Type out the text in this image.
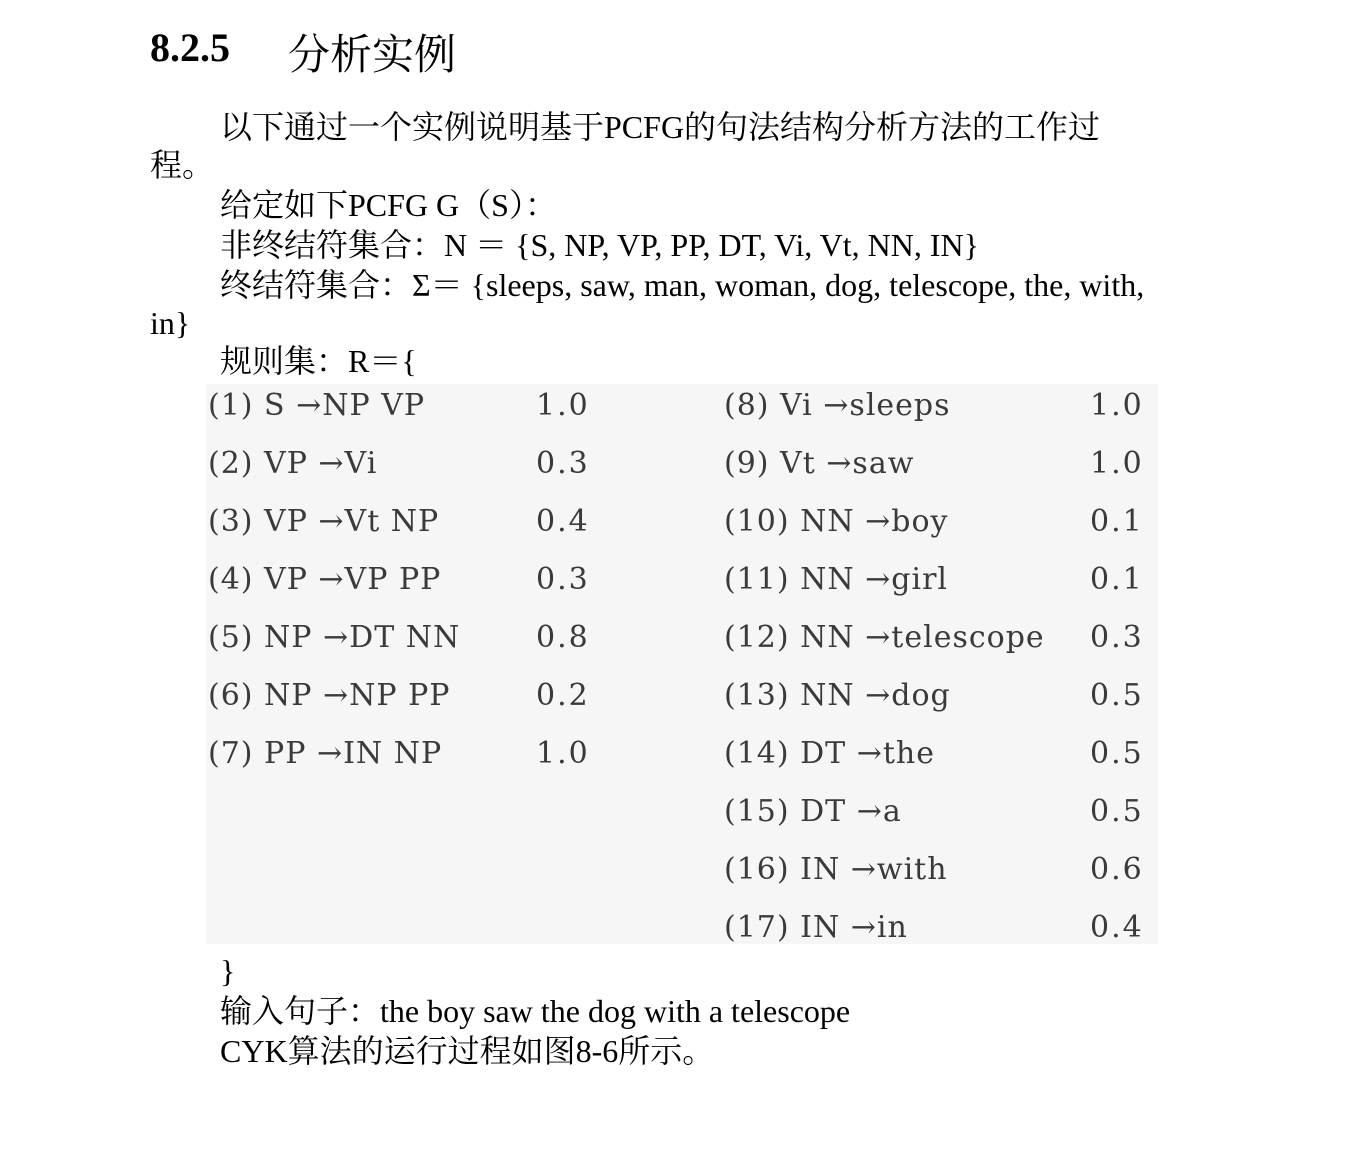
8.2.5 分析实例
以下通过一个实例说明基于PCFG的句法结构分析方法的工作过
程。
给定如下PCFG G（S）：
非终结符集合：N ＝ {S, NP, VP, PP, DT, Vi, Vt, NN, IN}
终结符集合：Σ＝ {sleeps, saw, man, woman, dog, telescope, the, with,
in}
规则集：R＝{
(1) S →NP VP	1.0
(2) VP →Vi	0.3
(3) VP →Vt NP	0.4
(4) VP →VP PP	0.3
(5) NP →DT NN	0.8
(6) NP →NP PP	0.2
(7) PP →IN NP	1.0
(8) Vi →sleeps	1.0
(9) Vt →saw	1.0
(10) NN →boy	0.1
(11) NN →girl	0.1
(12) NN →telescope 0.3
(13) NN →dog	0.5
(14) DT →the	0.5
(15) DT →a	0.5
(16) IN →with	0.6
(17) IN →in	0.4
}
输入句子：the boy saw the dog with a telescope
CYK算法的运行过程如图8-6所示。
